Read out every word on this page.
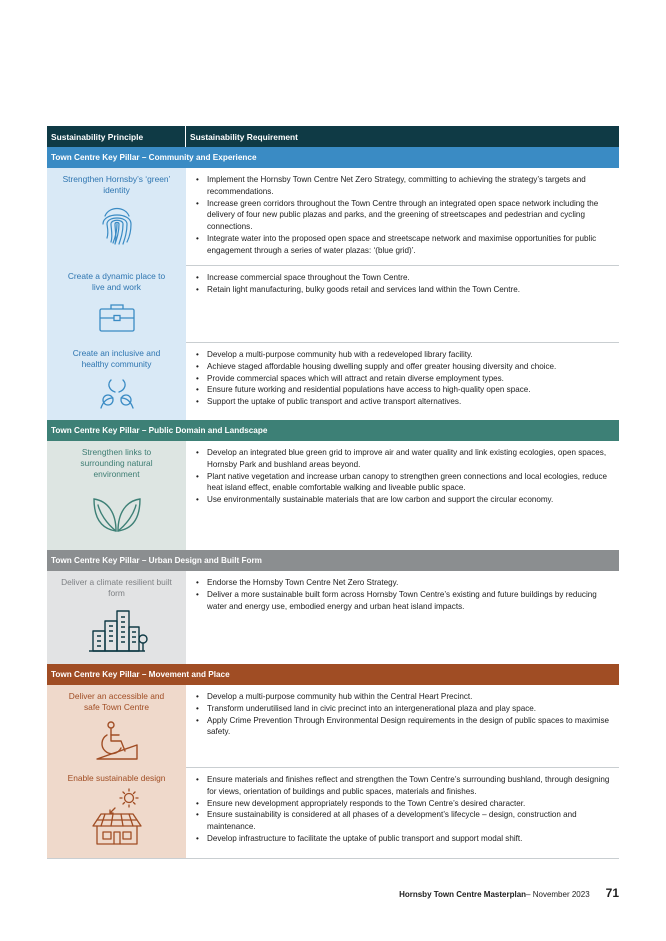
Sustainability Principle	Sustainability Requirement
Town Centre Key Pillar – Community and Experience
Strengthen Hornsby’s ‘green’ identity
• Implement the Hornsby Town Centre Net Zero Strategy, committing to achieving the strategy’s targets and recommendations.
• Increase green corridors throughout the Town Centre through an integrated open space network including the delivery of four new public plazas and parks, and the greening of streetscapes and pedestrian and cycling connections.
• Integrate water into the proposed open space and streetscape network and maximise opportunities for public engagement through a series of water plazas: ‘(blue grid)’.
Create a dynamic place to live and work
• Increase commercial space throughout the Town Centre.
• Retain light manufacturing, bulky goods retail and services land within the Town Centre.
Create an inclusive and healthy community
• Develop a multi-purpose community hub with a redeveloped library facility.
• Achieve staged affordable housing dwelling supply and offer greater housing diversity and choice.
• Provide commercial spaces which will attract and retain diverse employment types.
• Ensure future working and residential populations have access to high-quality open space.
• Support the uptake of public transport and active transport alternatives.
Town Centre Key Pillar – Public Domain and Landscape
Strengthen links to surrounding natural environment
• Develop an integrated blue green grid to improve air and water quality and link existing ecologies, open spaces, Hornsby Park and bushland areas beyond.
• Plant native vegetation and increase urban canopy to strengthen green connections and local ecologies, reduce heat island effect, enable comfortable walking and liveable public space.
• Use environmentally sustainable materials that are low carbon and support the circular economy.
Town Centre Key Pillar – Urban Design and Built Form
Deliver a climate resilient built form
• Endorse the Hornsby Town Centre Net Zero Strategy.
• Deliver a more sustainable built form across Hornsby Town Centre’s existing and future buildings by reducing water and energy use, embodied energy and urban heat island impacts.
Town Centre Key Pillar – Movement and Place
Deliver an accessible and safe Town Centre
• Develop a multi-purpose community hub within the Central Heart Precinct.
• Transform underutilised land in civic precinct into an intergenerational plaza and play space.
• Apply Crime Prevention Through Environmental Design requirements in the design of public spaces to maximise safety.
Enable sustainable design
•	Ensure materials and finishes reflect and strengthen the Town Centre’s surrounding bushland, through designing for views, orientation of buildings and public spaces, materials and finishes.
• Ensure new development appropriately responds to the Town Centre’s desired character.
• Ensure sustainability is considered at all phases of a development’s lifecycle – design, construction and maintenance.
• Develop infrastructure to facilitate the uptake of public transport and support modal shift.
Hornsby Town Centre Masterplan – November 2023 71
